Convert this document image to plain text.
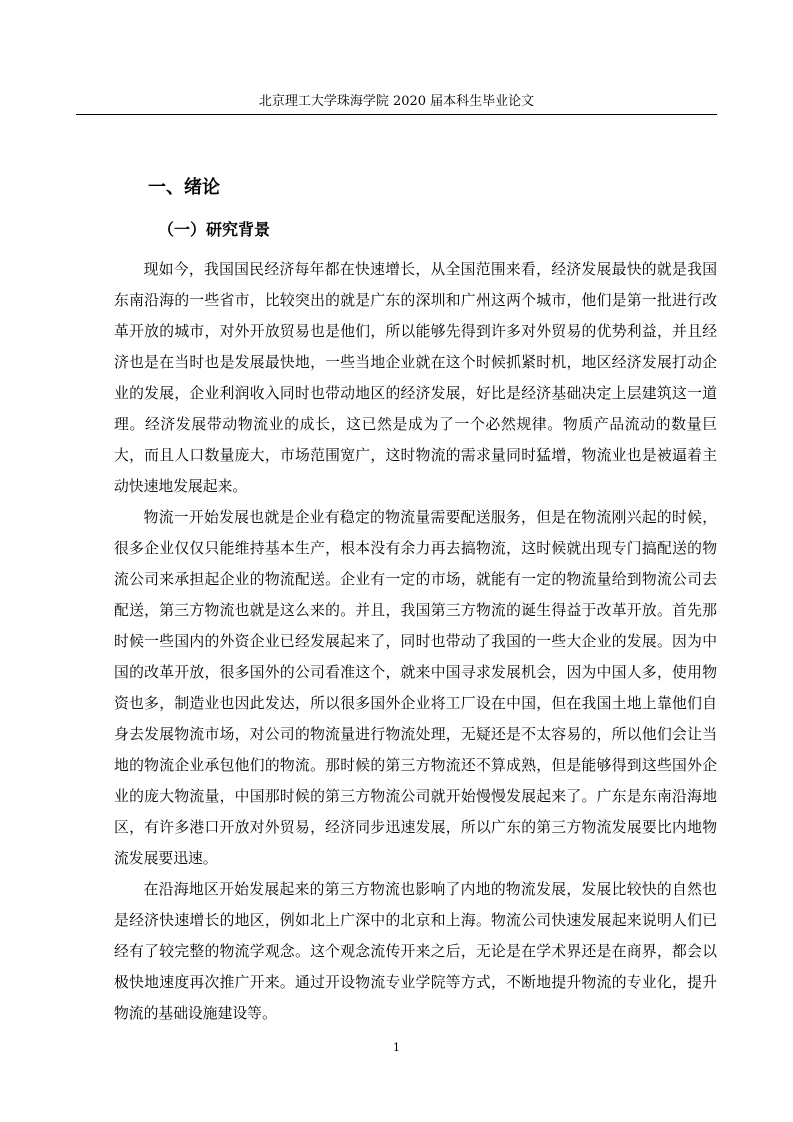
北京理工大学珠海学院 2020 届本科生毕业论文
一、绪论
（一）研究背景

现如今，我国国民经济每年都在快速增长，从全国范围来看，经济发展最快的就是我国东南沿海的一些省市，比较突出的就是广东的深圳和广州这两个城市，他们是第一批进行改革开放的城市，对外开放贸易也是他们，所以能够先得到许多对外贸易的优势利益，并且经济也是在当时也是发展最快地，一些当地企业就在这个时候抓紧时机，地区经济发展打动企业的发展，企业利润收入同时也带动地区的经济发展，好比是经济基础决定上层建筑这一道理。经济发展带动物流业的成长，这已然是成为了一个必然规律。物质产品流动的数量巨大，而且人口数量庞大，市场范围宽广，这时物流的需求量同时猛增，物流业也是被逼着主动快速地发展起来。

物流一开始发展也就是企业有稳定的物流量需要配送服务，但是在物流刚兴起的时候，很多企业仅仅只能维持基本生产，根本没有余力再去搞物流，这时候就出现专门搞配送的物流公司来承担起企业的物流配送。企业有一定的市场，就能有一定的物流量给到物流公司去配送，第三方物流也就是这么来的。并且，我国第三方物流的诞生得益于改革开放。首先那时候一些国内的外资企业已经发展起来了，同时也带动了我国的一些大企业的发展。因为中国的改革开放，很多国外的公司看准这个，就来中国寻求发展机会，因为中国人多，使用物资也多，制造业也因此发达，所以很多国外企业将工厂设在中国，但在我国土地上靠他们自身去发展物流市场，对公司的物流量进行物流处理，无疑还是不太容易的，所以他们会让当地的物流企业承包他们的物流。那时候的第三方物流还不算成熟，但是能够得到这些国外企业的庞大物流量，中国那时候的第三方物流公司就开始慢慢发展起来了。广东是东南沿海地区，有许多港口开放对外贸易，经济同步迅速发展，所以广东的第三方物流发展要比内地物流发展要迅速。

在沿海地区开始发展起来的第三方物流也影响了内地的物流发展，发展比较快的自然也是经济快速增长的地区，例如北上广深中的北京和上海。物流公司快速发展起来说明人们已经有了较完整的物流学观念。这个观念流传开来之后，无论是在学术界还是在商界，都会以极快地速度再次推广开来。通过开设物流专业学院等方式，不断地提升物流的专业化，提升物流的基础设施建设等。

1
